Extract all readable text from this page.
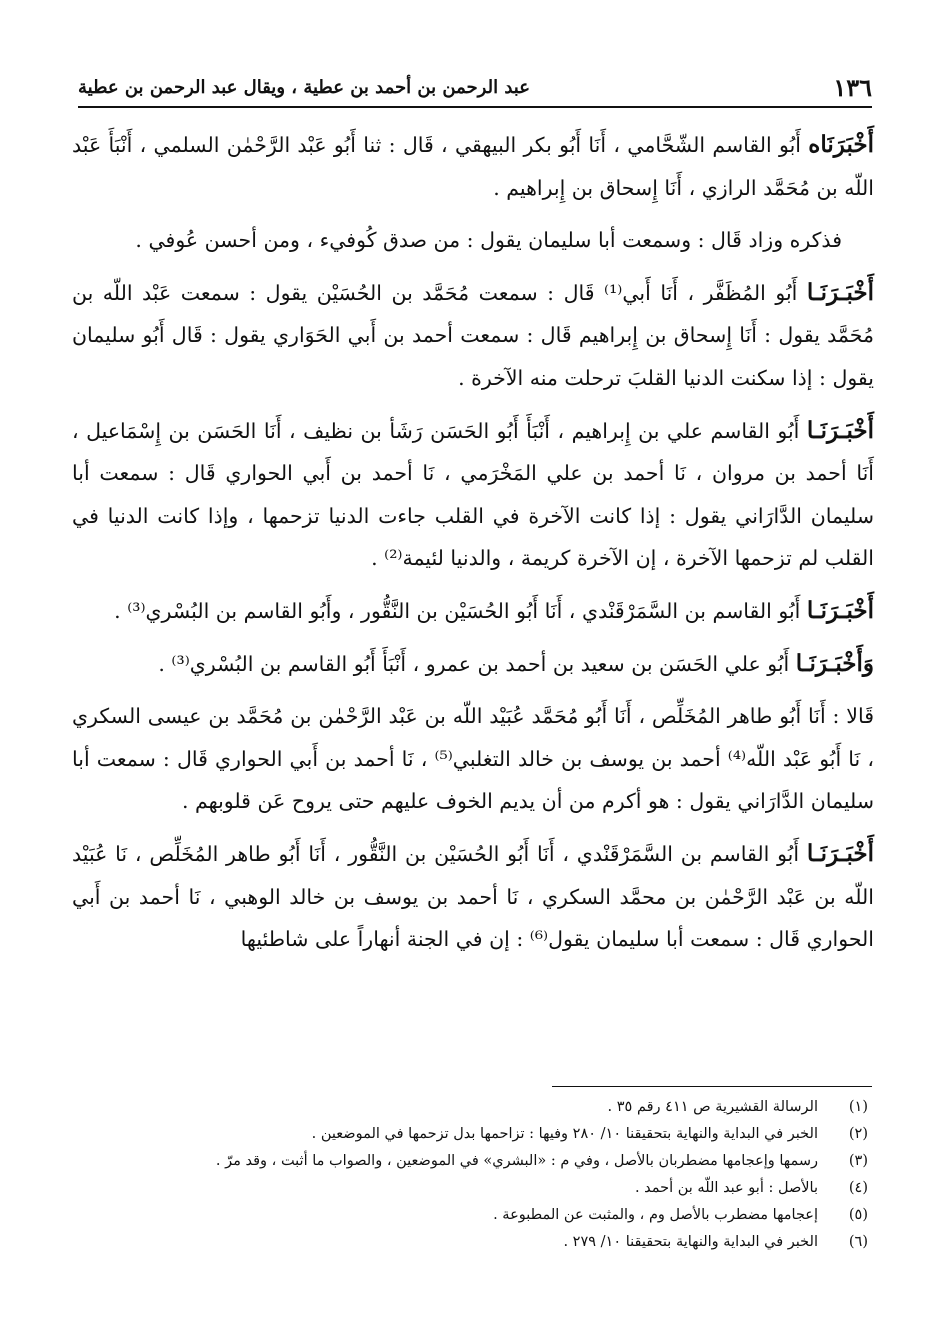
١٣٦
عبد الرحمن بن أحمد بن عطية ، ويقال عبد الرحمن بن عطية

أَخْبَرَنَاه أَبُو القاسم الشّحَّامي ، أَنَا أَبُو بكر البيهقي ، قَال : ثنا أَبُو عَبْد الرَّحْمٰن السلمي ، أَنْبَأَ عَبْد اللّه بن مُحَمَّد الرازي ، أَنَا إِسحاق بن إِبراهيم .

فذكره وزاد قَال : وسمعت أبا سليمان يقول : من صدق كُوفيء ، ومن أحسن عُوفي .

أَخْبَـرَنَـا أَبُو المُظَفَّر ، أَنَا أَبي⁽¹⁾ قَال : سمعت مُحَمَّد بن الحُسَيْن يقول : سمعت عَبْد اللّه بن مُحَمَّد يقول : أَنَا إِسحاق بن إِبراهيم قَال : سمعت أحمد بن أَبي الحَوَاري يقول : قَال أَبُو سليمان يقول : إذا سكنت الدنيا القلبَ ترحلت منه الآخرة .

أَخْبَـرَنَـا أَبُو القاسم علي بن إِبراهيم ، أَنْبَأَ أَبُو الحَسَن رَشَأ بن نظيف ، أَنَا الحَسَن بن إِسْمَاعيل ، أَنَا أحمد بن مروان ، نَا أحمد بن علي المَخْرَمي ، نَا أحمد بن أَبي الحواري قَال : سمعت أبا سليمان الدَّارَاني يقول : إذا كانت الآخرة في القلب جاءت الدنيا تزحمها ، وإذا كانت الدنيا في القلب لم تزحمها الآخرة ، إن الآخرة كريمة ، والدنيا لئيمة⁽²⁾ .

أَخْبَـرَنَـا أَبُو القاسم بن السَّمَرْقَنْدي ، أَنَا أَبُو الحُسَيْن بن النَّقُّور ، وأَبُو القاسم بن البُسْري⁽³⁾ .

وَأَخْبَـرَنَـا أَبُو علي الحَسَن بن سعيد بن أحمد بن عمرو ، أَنْبَأَ أَبُو القاسم بن البُسْري⁽³⁾ .

قَالا : أَنَا أَبُو طاهر المُخَلِّص ، أَنَا أَبُو مُحَمَّد عُبَيْد اللّه بن عَبْد الرَّحْمٰن بن مُحَمَّد بن عيسى السكري ، نَا أَبُو عَبْد اللّه⁽⁴⁾ أحمد بن يوسف بن خالد التغلبي⁽⁵⁾ ، نَا أحمد بن أَبي الحواري قَال : سمعت أبا سليمان الدَّارَاني يقول : هو أكرم من أن يديم الخوف عليهم حتى يروح عَن قلوبهم .

أَخْبَـرَنَـا أَبُو القاسم بن السَّمَرْقَنْدي ، أَنَا أَبُو الحُسَيْن بن النَّقُّور ، أَنَا أَبُو طاهر المُخَلِّص ، نَا عُبَيْد اللّه بن عَبْد الرَّحْمٰن بن محمَّد السكري ، نَا أحمد بن يوسف بن خالد الوهبي ، نَا أحمد بن أَبي الحواري قَال : سمعت أبا سليمان يقول⁽⁶⁾ : إن في الجنة أنهاراً على شاطئيها

(١)
الرسالة القشيرية ص ٤١١ رقم ٣٥ .
(٢)
الخبر في البداية والنهاية بتحقيقنا ١٠/ ٢٨٠ وفيها : تزاحمها بدل تزحمها في الموضعين .
(٣)
رسمها وإعجامها مضطربان بالأصل ، وفي م : «البشري» في الموضعين ، والصواب ما أثبت ، وقد مرّ .
(٤)
بالأصل : أبو عبد اللّه بن أحمد .
(٥)
إعجامها مضطرب بالأصل وم ، والمثبت عن المطبوعة .
(٦)
الخبر في البداية والنهاية بتحقيقنا ١٠/ ٢٧٩ .
